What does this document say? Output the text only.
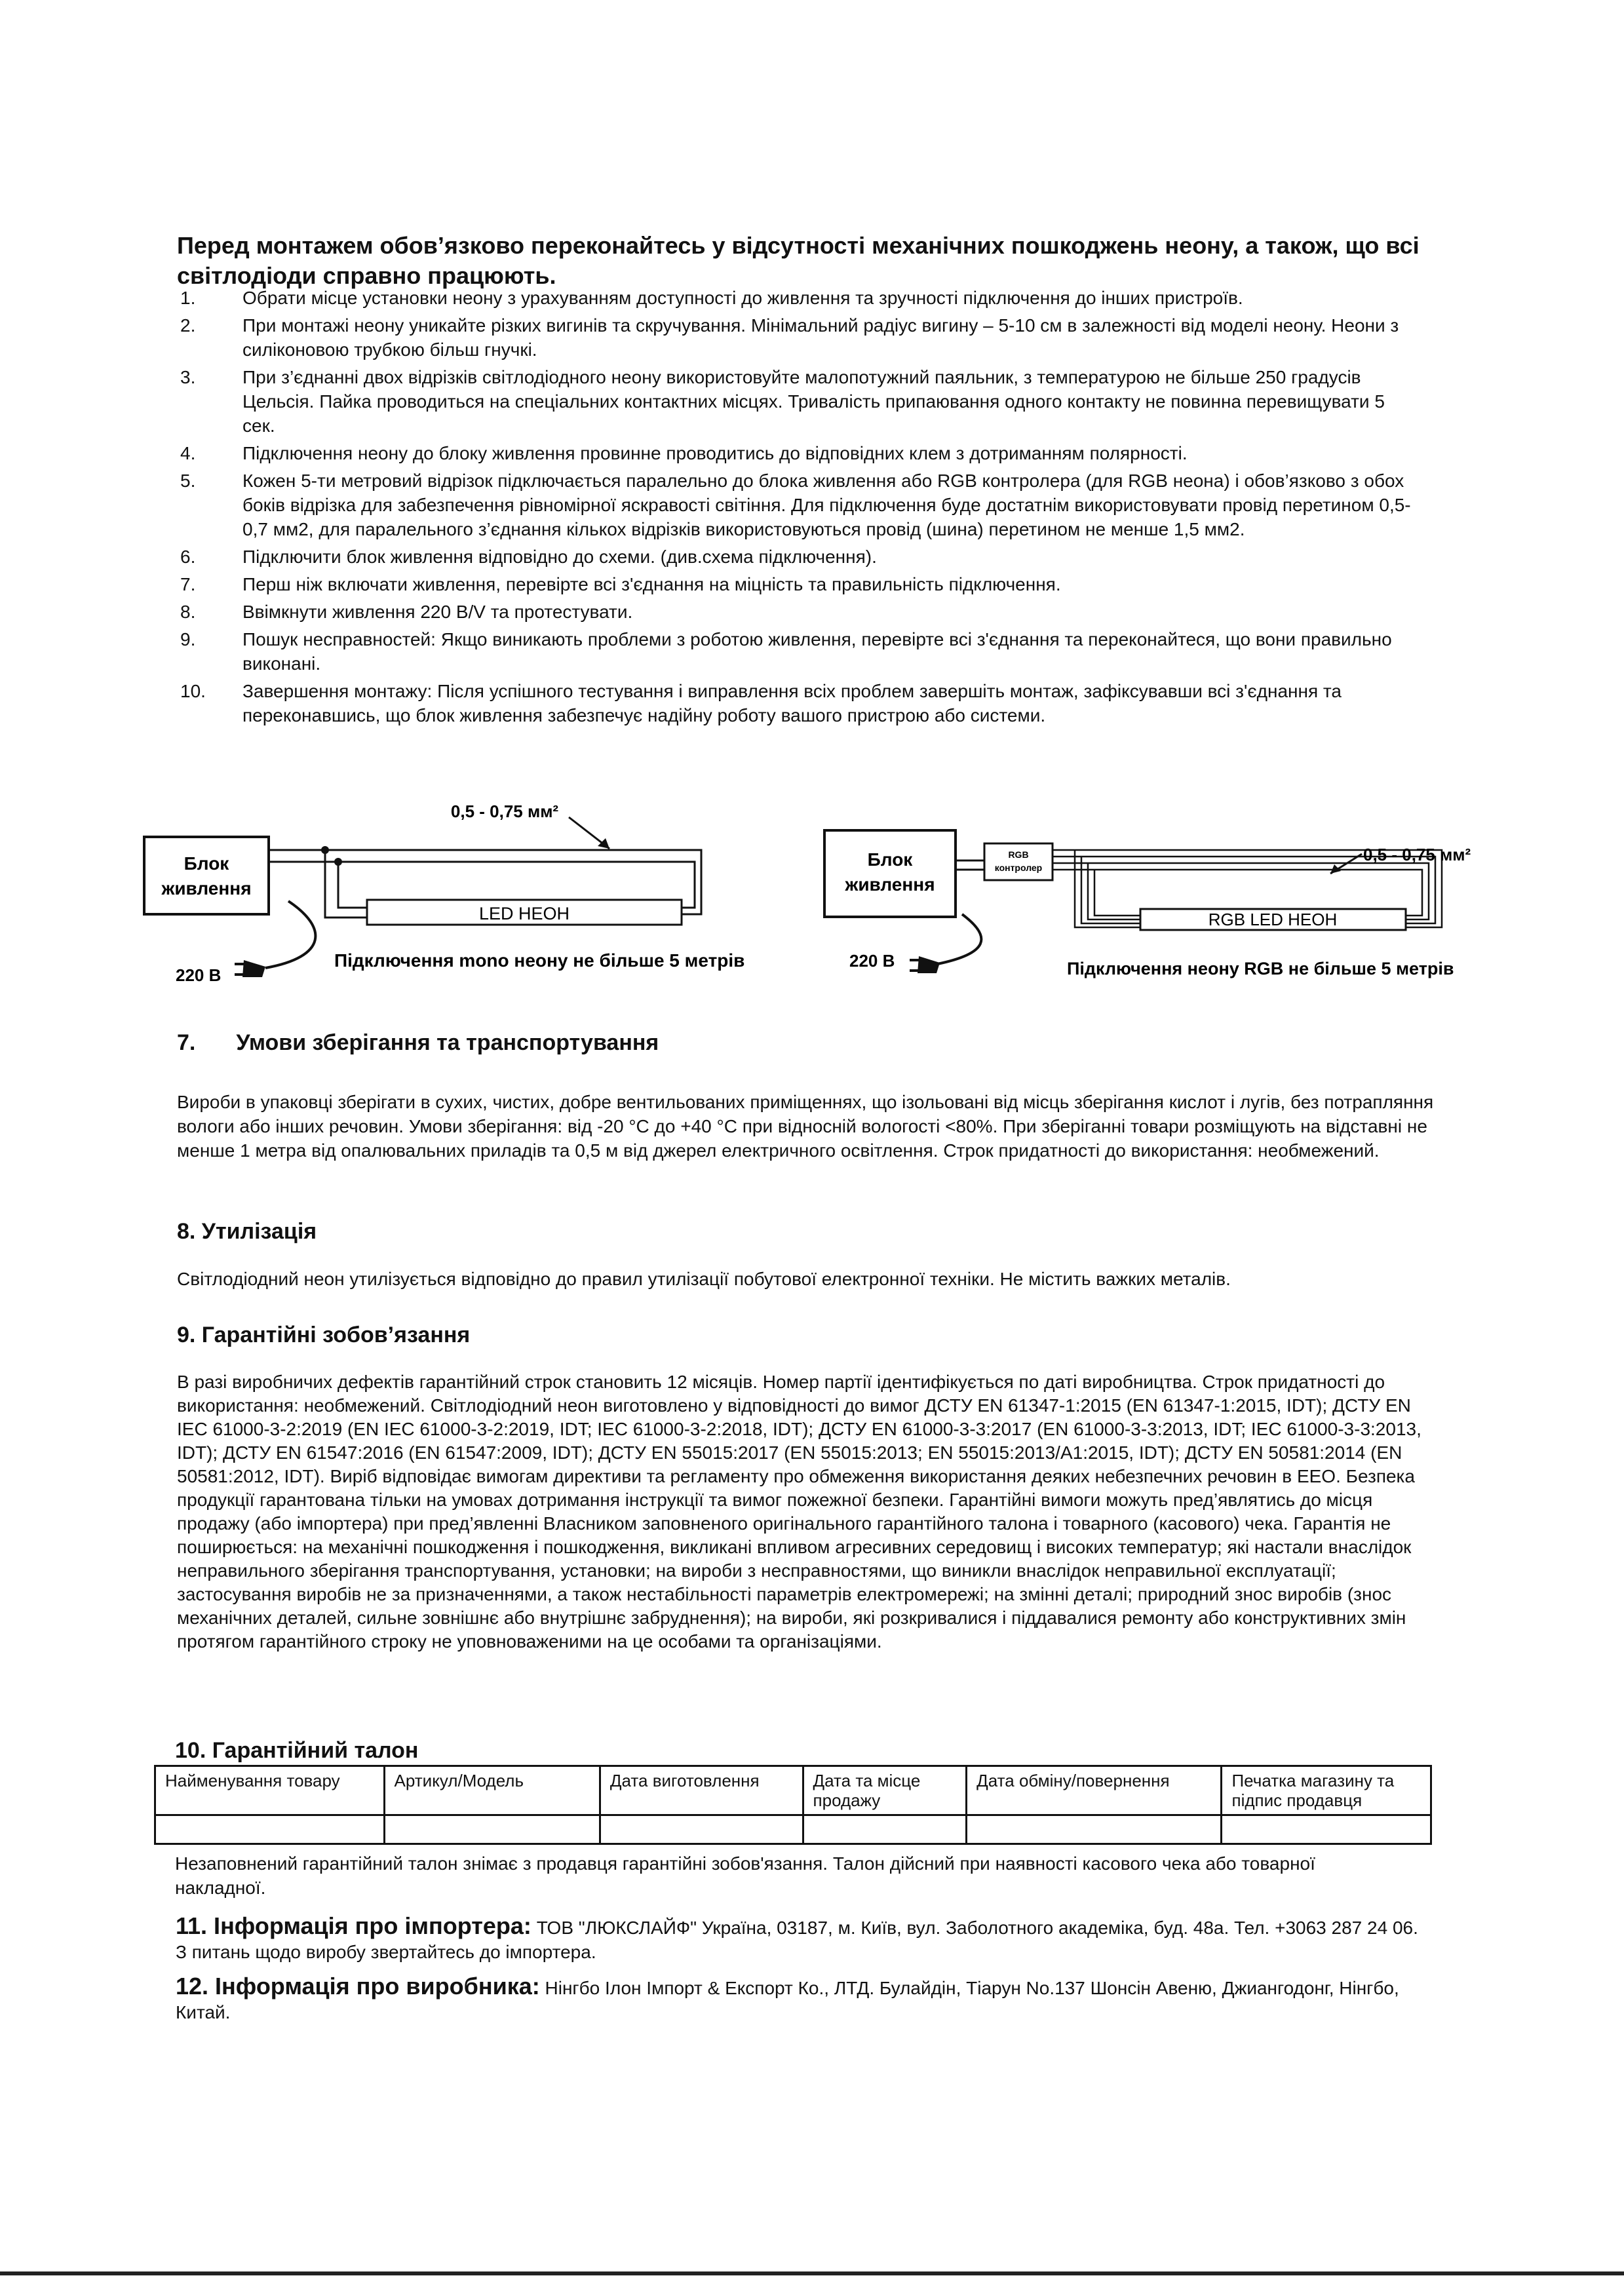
Перед монтажем обов’язково переконайтесь у відсутності механічних пошкоджень неону, а також, що всі світлодіоди справно працюють.
1.	Обрати місце установки неону з урахуванням доступності до живлення та зручності підключення до інших пристроїв.
2.	При монтажі неону уникайте різких вигинів та скручування. Мінімальний радіус вигину – 5-10 см в залежності від моделі неону. Неони з силіконовою трубкою більш гнучкі.
3.	При з’єднанні двох відрізків світлодіодного неону використовуйте малопотужний паяльник, з температурою не більше 250 градусів Цельсія. Пайка проводиться на спеціальних контактних місцях. Тривалість припаювання одного контакту не повинна перевищувати 5 сек.
4.	Підключення неону до блоку живлення провинне проводитись до відповідних клем з дотриманням полярності.
5.	Кожен 5-ти метровий відрізок підключається паралельно до блока живлення або RGB контролера (для RGB неона) і обов’язково з обох боків відрізка для забезпечення рівномірної яскравості світіння. Для підключення буде достатнім використовувати провід перетином 0,5-0,7 мм2, для паралельного з’єднання кількох відрізків використовуються провід (шина) перетином не менше 1,5 мм2.
6.	Підключити блок живлення відповідно до схеми. (див.схема підключення).
7.	Перш ніж включати живлення, перевірте всі з'єднання на міцність та правильність підключення.
8.	Ввімкнути живлення 220 В/V та протестувати.
9.	Пошук несправностей: Якщо виникають проблеми з роботою живлення, перевірте всі з'єднання та переконайтеся, що вони правильно виконані.
10. Завершення монтажу: Після успішного тестування і виправлення всіх проблем завершіть монтаж, зафіксувавши всі з'єднання та переконавшись, що блок живлення забезпечує надійну роботу вашого пристрою або системи.
Блок
живлення
LED НЕОН
0,5 - 0,75 мм²
220 В
Підключення mono неону не більше 5 метрів
Блок
живлення
RGB
контролер
RGB LED НЕОН
0,5 - 0,75 мм²
220 В	Підключення неону RGB не більше 5 метрів
7. Умови зберігання та транспортування

Вироби в упаковці зберігати в сухих, чистих, добре вентильованих приміщеннях, що ізольовані від місць зберігання кислот і лугів, без потрапляння вологи або інших речовин. Умови зберігання: від -20 °С до +40 °С при відносній вологості <80%. При зберіганні товари розміщують на відставні не менше 1 метра від опалювальних приладів та 0,5 м від джерел електричного освітлення. Строк придатності до використання: необмежений.

8. Утилізація

Світлодіодний неон утилізується відповідно до правил утилізації побутової електронної техніки. Не містить важких металів.

9. Гарантійні зобов’язання

В разі виробничих дефектів гарантійний строк становить 12 місяців. Номер партії ідентифікується по даті виробництва. Строк придатності до використання: необмежений. Світлодіодний неон виготовлено у відповідності до вимог ДСТУ EN 61347-1:2015 (EN 61347-1:2015, IDT); ДСТУ EN IEC 61000-3-2:2019 (EN IEC 61000-3-2:2019, IDT; IEC 61000-3-2:2018, IDT); ДСТУ EN 61000-3-3:2017 (EN 61000-3-3:2013, IDT; IEC 61000-3-3:2013, IDT); ДСТУ EN 61547:2016 (EN 61547:2009, IDT); ДСТУ EN 55015:2017 (EN 55015:2013; EN 55015:2013/A1:2015, IDT); ДСТУ EN 50581:2014 (EN 50581:2012, IDT). Виріб відповідає вимогам директиви та регламенту про обмеження використання деяких небезпечних речовин в ЕЕО. Безпека продукції гарантована тільки на умовах дотримання інструкції та вимог пожежної безпеки. Гарантійні вимоги можуть пред’являтись до місця продажу (або імпортера) при пред’явленні Власником заповненого оригінального гарантійного талона і товарного (касового) чека. Гарантія не поширюється: на механічні пошкодження і пошкодження, викликані впливом агресивних середовищ і високих температур; які настали внаслідок неправильного зберігання транспортування, установки; на вироби з несправностями, що виникли внаслідок неправильної експлуатації; застосування виробів не за призначеннями, а також нестабільності параметрів електромережі; на змінні деталі; природний знос виробів (знос механічних деталей, сильне зовнішнє або внутрішнє забруднення); на вироби, які розкривалися і піддавалися ремонту або конструктивних змін протягом гарантійного строку не уповноваженими на це особами та організаціями.

10. Гарантійний талон
Найменування товару	Артикул/Модель	Дата виготовлення	Дата та місце продажу	Дата обміну/повернення	Печатка магазину та підпис продавця

Незаповнений гарантійний талон знімає з продавця гарантійні зобов'язання. Талон дійсний при наявності касового чека або товарної накладної.

11. Інформація про імпортера: ТОВ "ЛЮКСЛАЙФ" Україна, 03187, м. Київ, вул. Заболотного академіка, буд. 48а. Тел. +3063 287 24 06. З питань щодо виробу звертайтесь до імпортера.

12. Інформація про виробника: Нінгбо Ілон Імпорт & Експорт Ко., ЛТД. Булайдін, Тіарун No.137 Шонсін Авеню, Джиангодонг, Нінгбо, Китай.
